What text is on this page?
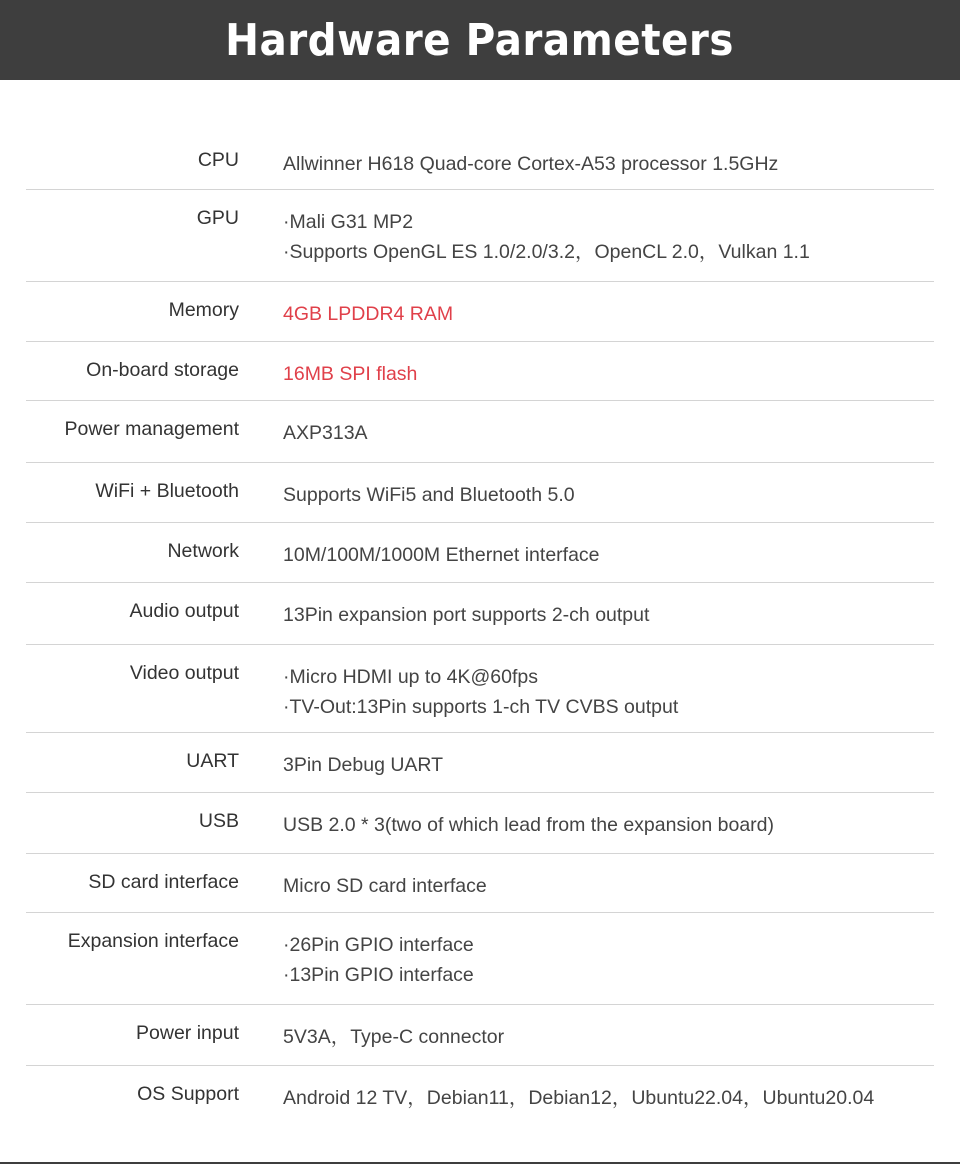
Hardware Parameters
CPU Allwinner H618 Quad-core Cortex-A53 processor 1.5GHz
GPU ·Mali G31 MP2
·Supports OpenGL ES 1.0/2.0/3.2，OpenCL 2.0，Vulkan 1.1
Memory 4GB LPDDR4 RAM
On-board storage 16MB SPI flash
Power management AXP313A
WiFi + Bluetooth Supports WiFi5 and Bluetooth 5.0
Network 10M/100M/1000M Ethernet interface
Audio output 13Pin expansion port supports 2-ch output
Video output ·Micro HDMI up to 4K@60fps
·TV-Out:13Pin supports 1-ch TV CVBS output
UART 3Pin Debug UART
USB USB 2.0 * 3(two of which lead from the expansion board)
SD card interface Micro SD card interface
Expansion interface ·26Pin GPIO interface
·13Pin GPIO interface
Power input 5V3A，Type-C connector
OS Support Android 12 TV，Debian11，Debian12，Ubuntu22.04，Ubuntu20.04
